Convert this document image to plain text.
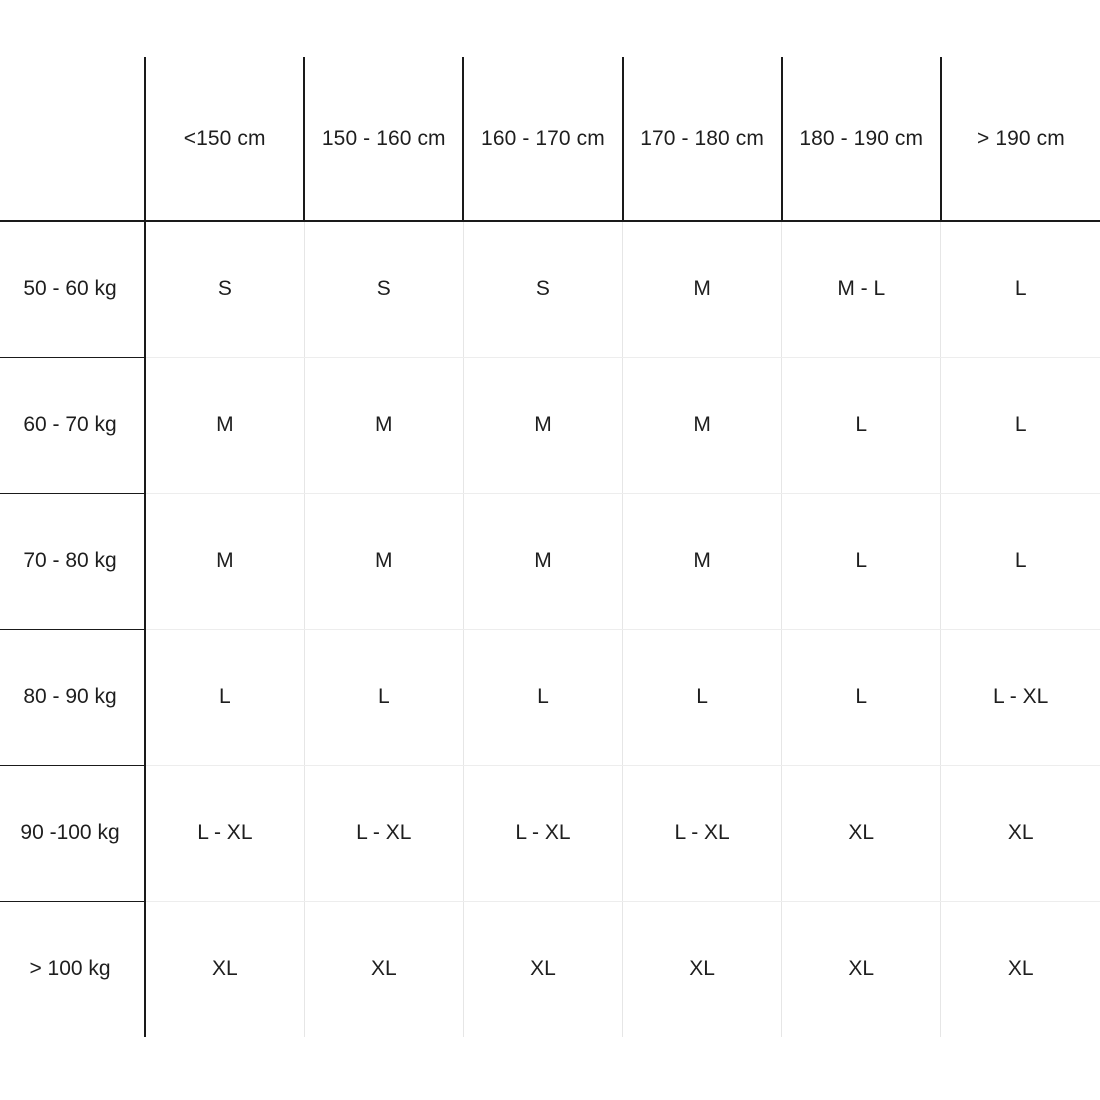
	<150 cm	150 - 160 cm	160 - 170 cm	170 - 180 cm	180 - 190 cm	> 190 cm
50 - 60 kg	S	S	S	M	M - L	L
60 - 70 kg	M	M	M	M	L	L
70 - 80 kg	M	M	M	M	L	L
80 - 90 kg	L	L	L	L	L	L - XL
90 -100 kg	L - XL	L - XL	L - XL	L - XL	XL	XL
> 100 kg	XL	XL	XL	XL	XL	XL
